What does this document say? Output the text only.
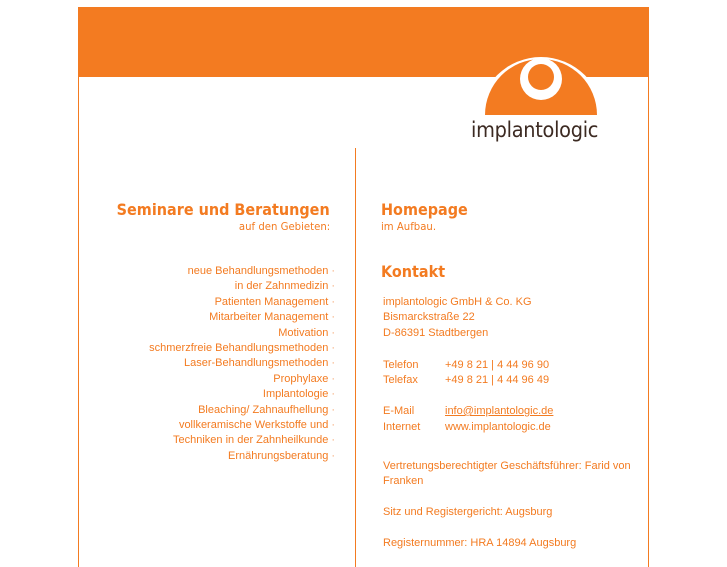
implantologic
Seminare und Beratungen
auf den Gebieten:
neue Behandlungsmethoden ·
in der Zahnmedizin ·
Patienten Management ·
Mitarbeiter Management ·
Motivation ·
schmerzfreie Behandlungsmethoden ·
Laser-Behandlungsmethoden ·
Prophylaxe ·
Implantologie ·
Bleaching/ Zahnaufhellung ·
vollkeramische Werkstoffe und ·
Techniken in der Zahnheilkunde ·
Ernährungsberatung ·
Homepage
im Aufbau.
Kontakt
implantologic GmbH & Co. KG
Bismarckstraße 22
D-86391 Stadtbergen
Telefon +49 8 21 | 4 44 96 90
Telefax +49 8 21 | 4 44 96 49
E-Mail	info@implantologic.de
Internet www.implantologic.de
Vertretungsberechtigter Geschäftsführer: Farid von
Franken
Sitz und Registergericht: Augsburg
Registernummer: HRA 14894 Augsburg
